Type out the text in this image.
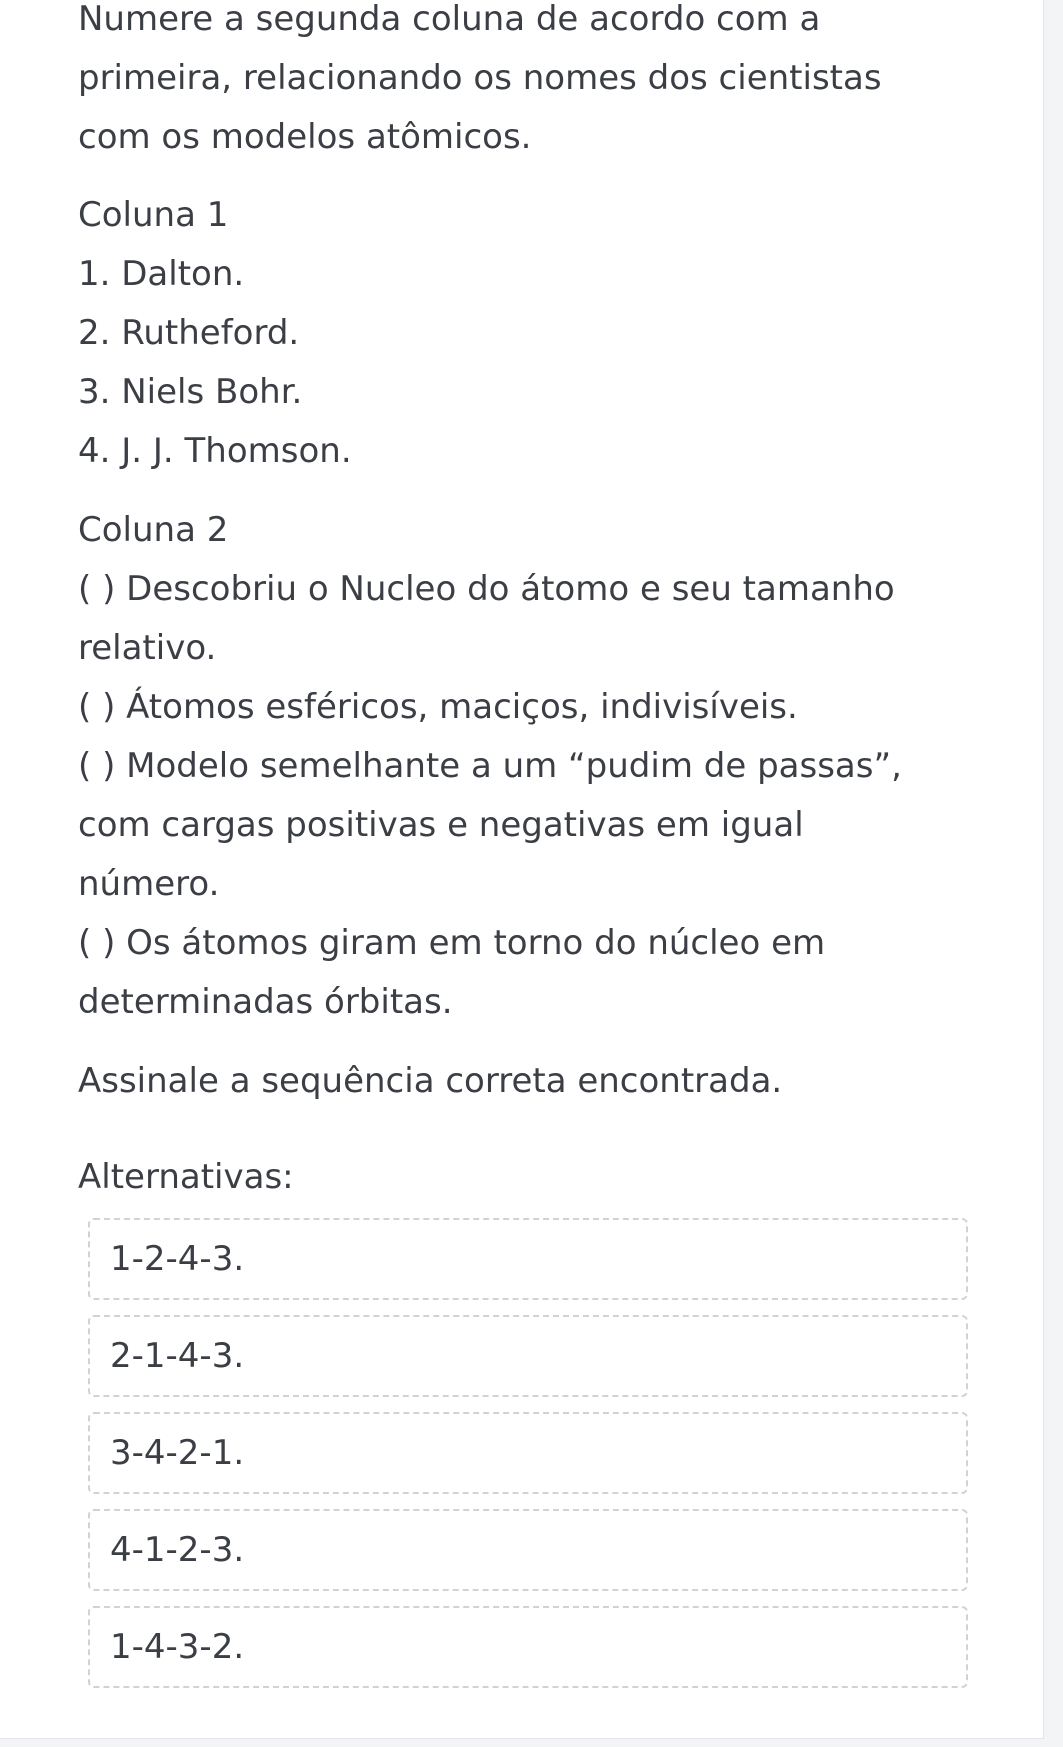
Numere a segunda coluna de acordo com a

primeira, relacionando os nomes dos cientistas

com os modelos atômicos.

Coluna 1

1. Dalton.

2. Rutheford.

3. Niels Bohr.

4. J. J. Thomson.

Coluna 2

( ) Descobriu o Nucleo do átomo e seu tamanho

relativo.

( ) Átomos esféricos, maciços, indivisíveis.

( ) Modelo semelhante a um “pudim de passas”,

com cargas positivas e negativas em igual

número.

( ) Os átomos giram em torno do núcleo em

determinadas órbitas.

Assinale a sequência correta encontrada.

Alternativas:

1-2-4-3.
2-1-4-3.
3-4-2-1.
4-1-2-3.
1-4-3-2.
